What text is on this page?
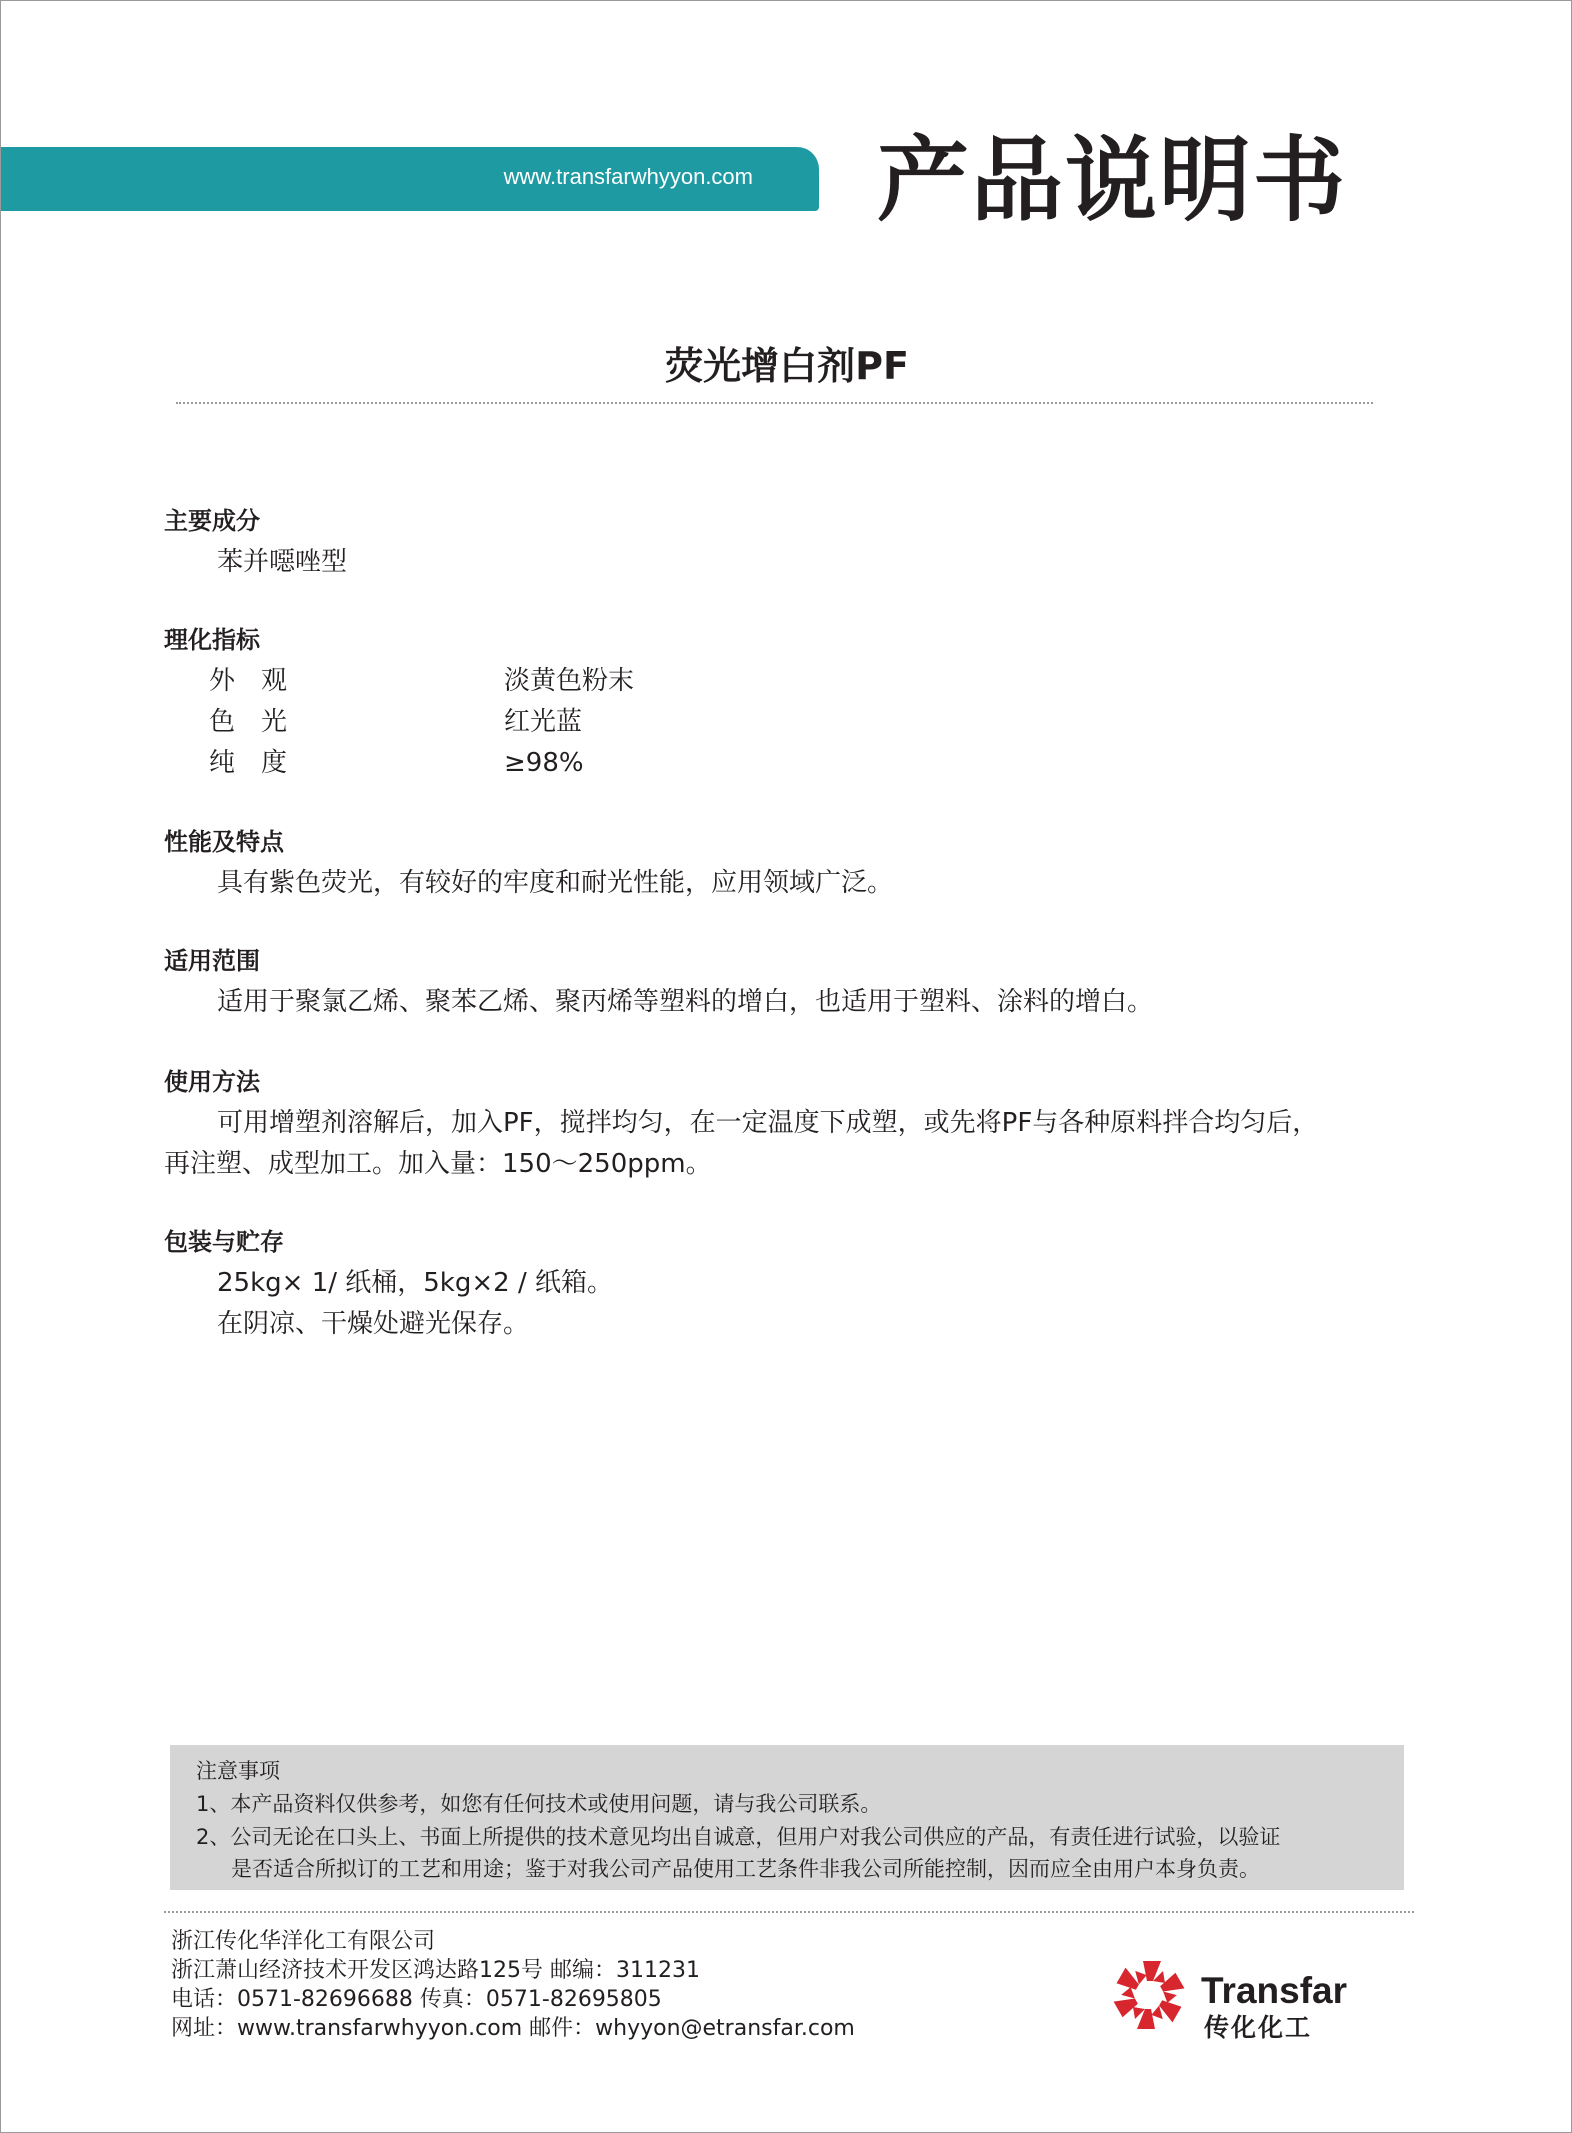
www.transfarwhyyon.com 产品说明书
荧光增白剂PF
主要成分
苯并噁唑型
理化指标
外　观	淡黄色粉末
色　光	红光蓝
纯　度	≥98%
性能及特点
具有紫色荧光，有较好的牢度和耐光性能，应用领域广泛。
适用范围
适用于聚氯乙烯、聚苯乙烯、聚丙烯等塑料的增白，也适用于塑料、涂料的增白。
使用方法
可用增塑剂溶解后，加入PF，搅拌均匀，在一定温度下成塑，或先将PF与各种原料拌合均匀后，
再注塑、成型加工。加入量：150～250ppm。
包装与贮存
25kg× 1/ 纸桶，5kg×2 / 纸箱。
在阴凉、干燥处避光保存。
注意事项
1、本产品资料仅供参考，如您有任何技术或使用问题，请与我公司联系。
2、公司无论在口头上、书面上所提供的技术意见均出自诚意，但用户对我公司供应的产品，有责任进行试验，以验证
是否适合所拟订的工艺和用途；鉴于对我公司产品使用工艺条件非我公司所能控制，因而应全由用户本身负责。
浙江传化华洋化工有限公司
浙江萧山经济技术开发区鸿达路125号 邮编：311231
电话：0571-82696688 传真：0571-82695805
网址：www.transfarwhyyon.com 邮件：whyyon@etransfar.com
Transfar
传化化工
